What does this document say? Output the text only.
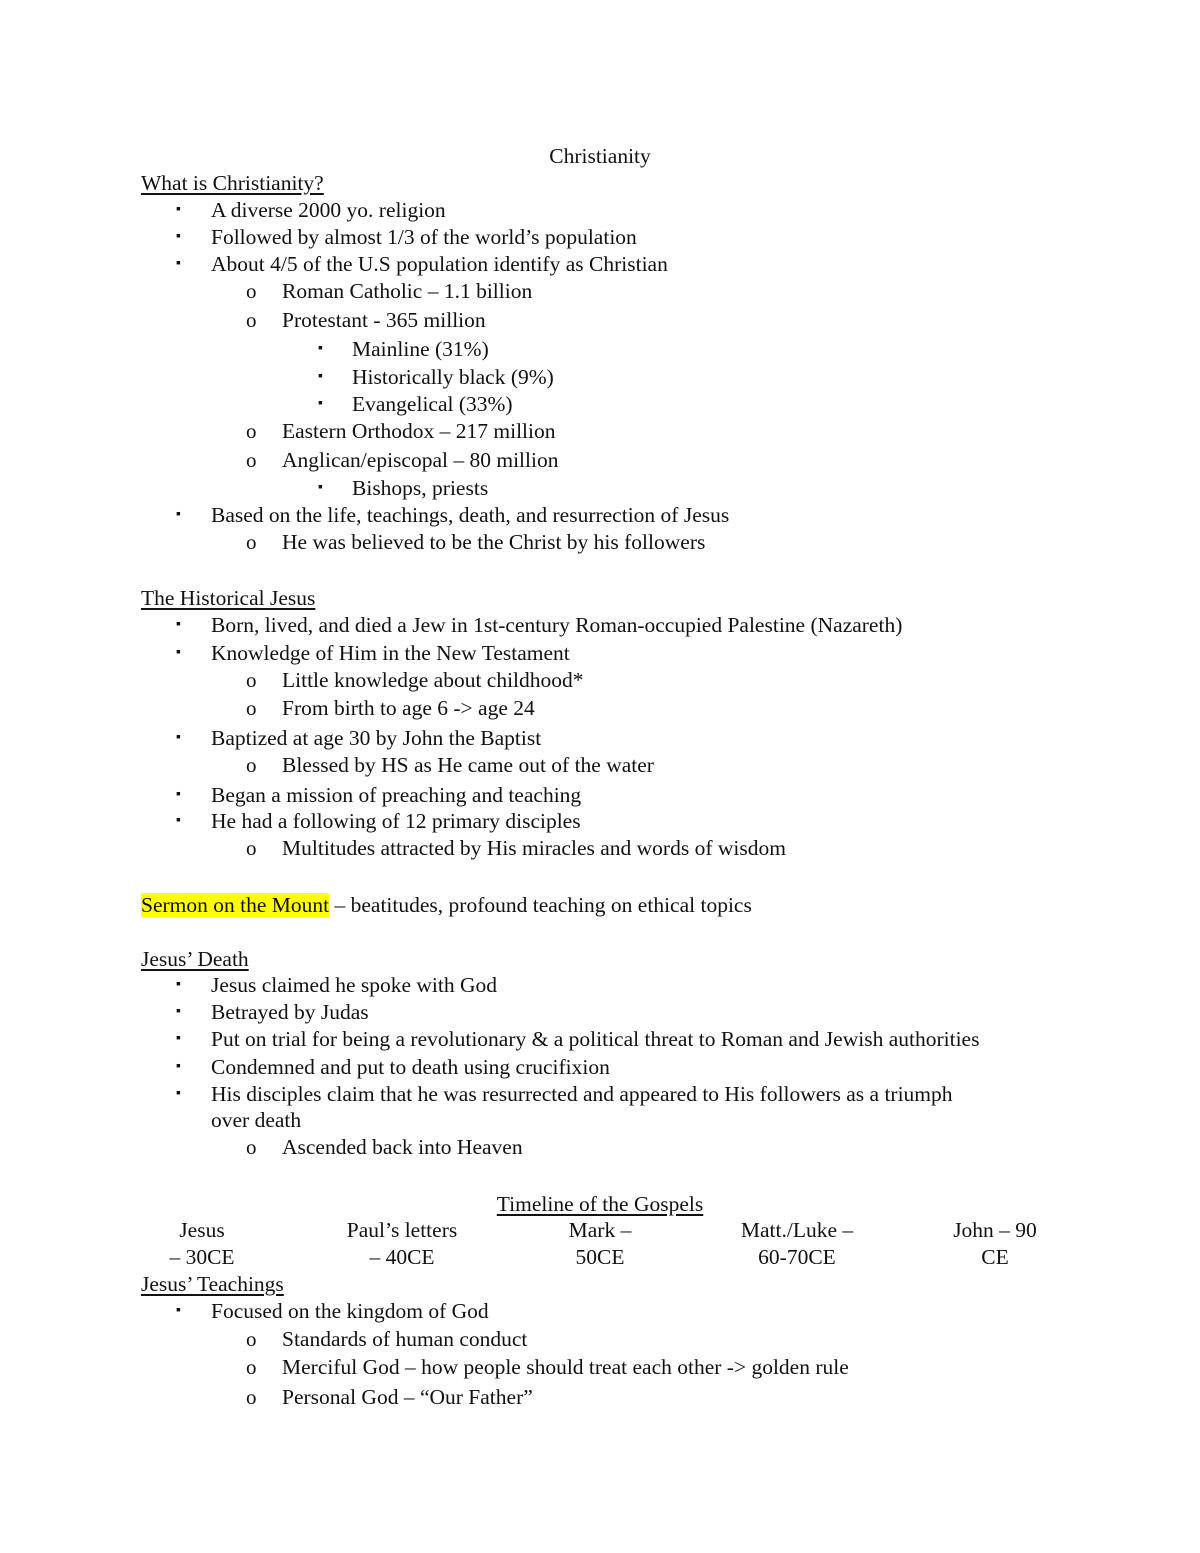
Christianity
What is Christianity?
▪ A diverse 2000 yo. religion
▪ Followed by almost 1/3 of the world’s population
▪ About 4/5 of the U.S population identify as Christian
o Roman Catholic – 1.1 billion
o Protestant - 365 million
▪ Mainline (31%)
▪ Historically black (9%)
▪ Evangelical (33%)
o Eastern Orthodox – 217 million
o Anglican/episcopal – 80 million
▪ Bishops, priests
▪ Based on the life, teachings, death, and resurrection of Jesus
o He was believed to be the Christ by his followers
The Historical Jesus
▪ Born, lived, and died a Jew in 1st-century Roman-occupied Palestine (Nazareth)
▪ Knowledge of Him in the New Testament
o Little knowledge about childhood*
o From birth to age 6 -> age 24
▪ Baptized at age 30 by John the Baptist
o Blessed by HS as He came out of the water
▪ Began a mission of preaching and teaching
▪ He had a following of 12 primary disciples
o Multitudes attracted by His miracles and words of wisdom
Sermon on the Mount – beatitudes, profound teaching on ethical topics
Jesus’ Death
▪ Jesus claimed he spoke with God
▪ Betrayed by Judas
▪ Put on trial for being a revolutionary & a political threat to Roman and Jewish authorities
▪ Condemned and put to death using crucifixion
▪ His disciples claim that he was resurrected and appeared to His followers as a triumph
over death
o Ascended back into Heaven
Timeline of the Gospels
Jesus
– 30CE
Paul’s letters
– 40CE
Mark –
50CE
Matt./Luke –
60-70CE
John – 90
CE
Jesus’ Teachings
▪ Focused on the kingdom of God
o Standards of human conduct
o Merciful God – how people should treat each other -> golden rule
o Personal God – “Our Father”
